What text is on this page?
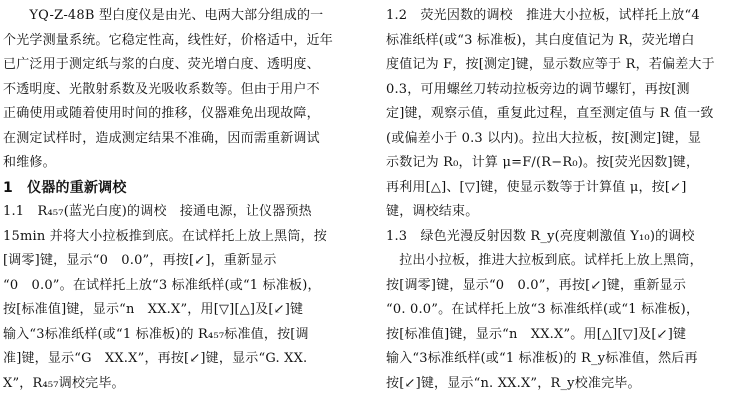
　　YQ-Z-48B 型白度仪是由光、电两大部分组成的一
个光学测量系统。它稳定性高，线性好，价格适中，近年
已广泛用于测定纸与浆的白度、荧光增白度、透明度、
不透明度、光散射系数及光吸收系数等。但由于用户不
正确使用或随着使用时间的推移，仪器难免出现故障，
在测定试样时，造成测定结果不准确，因而需重新调试
和维修。
1　仪器的重新调校
1.1　R₄₅₇(蓝光白度)的调校　接通电源，让仪器预热
15min 并将大小拉板推到底。在试样托上放上黑筒，按
[调零]键，显示“0　0.0”，再按[↙]，重新显示
“0　0.0”。在试样托上放“3 标准纸样(或“1 标准板)，
按[标准值]键，显示“n　XX.X”，用[▽][△]及[↙]键
输入“3标准纸样(或“1 标准板)的 R₄₅₇标准值，按[调
准]键，显示“G　XX.X”，再按[↙]键，显示“G. XX.
X”，R₄₅₇调校完毕。
1.2　荧光因数的调校　推进大小拉板，试样托上放“4
标准纸样(或“3 标准板)，其白度值记为 R，荧光增白
度值记为 F，按[测定]键，显示数应等于 R，若偏差大于
0.3，可用螺丝刀转动拉板旁边的调节螺钉，再按[测
定]键，观察示值，重复此过程，直至测定值与 R 值一致
(或偏差小于 0.3 以内)。拉出大拉板，按[测定]键，显
示数记为 R₀，计算 μ=F/(R−R₀)。按[荧光因数]键，
再利用[△]、[▽]键，使显示数等于计算值 μ，按[↙]
键，调校结束。
1.3　绿色光漫反射因数 R_y(亮度刺激值 Y₁₀)的调校
　拉出小拉板，推进大拉板到底。试样托上放上黑筒，
按[调零]键，显示“0　0.0”，再按[↙]键，重新显示
“0. 0.0”。在试样托上放“3 标准纸样(或“1 标准板)，
按[标准值]键，显示“n　XX.X”。用[△][▽]及[↙]键
输入“3标准纸样(或“1 标准板)的 R_y标准值，然后再
按[↙]键，显示“n. XX.X”，R_y校准完毕。
